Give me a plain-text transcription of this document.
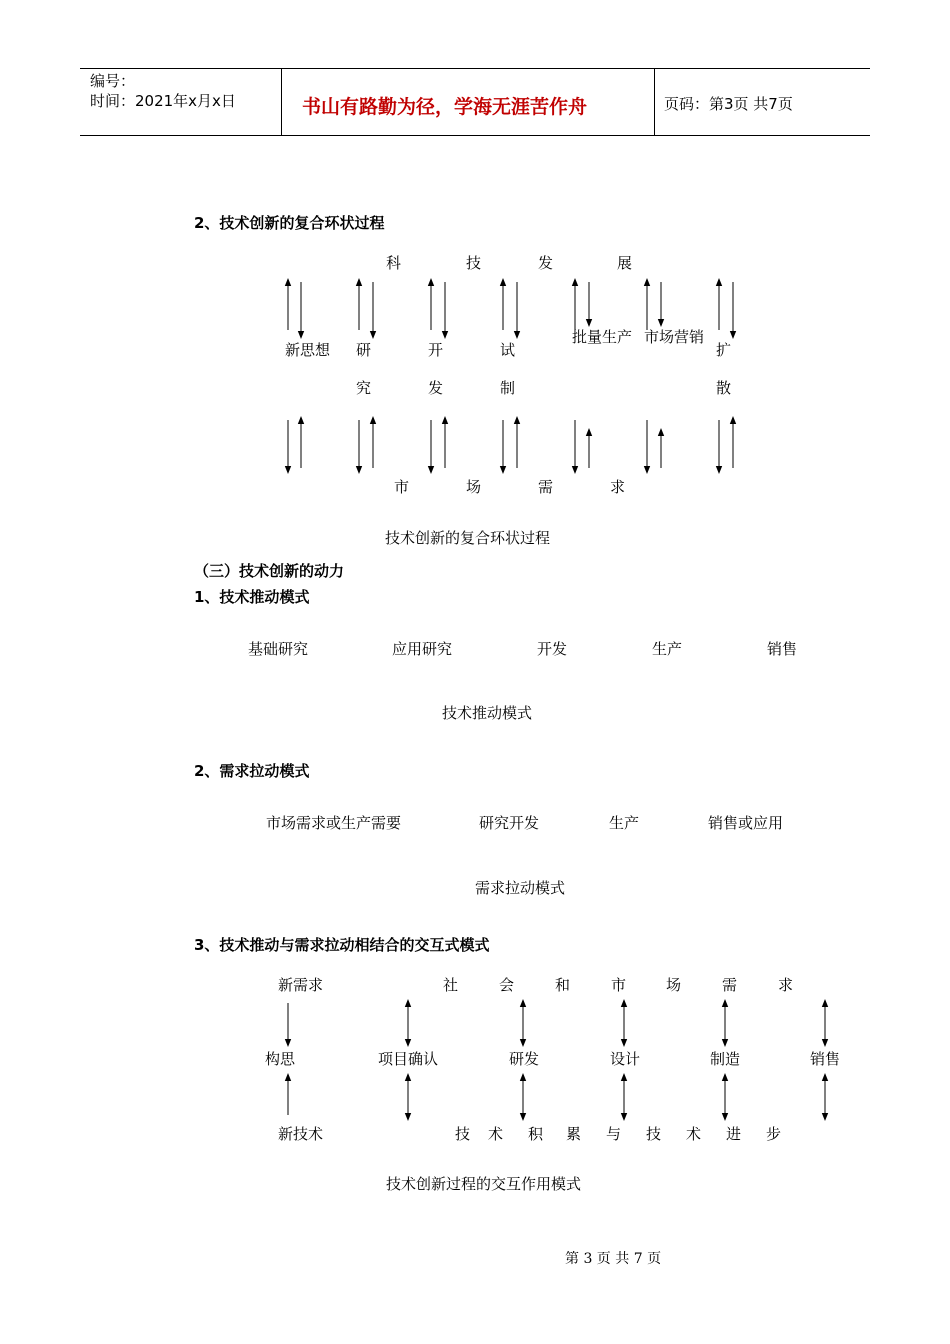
编号：
时间：2021年x月x日	书山有路勤为径，学海无涯苦作舟	页码：第3页 共7页
2、技术创新的复合环状过程
科	技	发	展
新思想 研	开	试
批量生产 市场营销
扩
究	发	制	散
市	场	需	求
技术创新的复合环状过程
（三）技术创新的动力
1、技术推动模式
基础研究	应用研究	开发	生产	销售
技术推动模式
2、需求拉动模式
市场需求或生产需要	研究开发	生产	销售或应用
需求拉动模式
3、技术推动与需求拉动相结合的交互式模式
新需求	社	会	和	市	场	需	求
构思	项目确认	研发	设计	制造	销售
新技术	技 术 积 累 与 技 术 进 步
技术创新过程的交互作用模式
第 3 页 共 7 页
